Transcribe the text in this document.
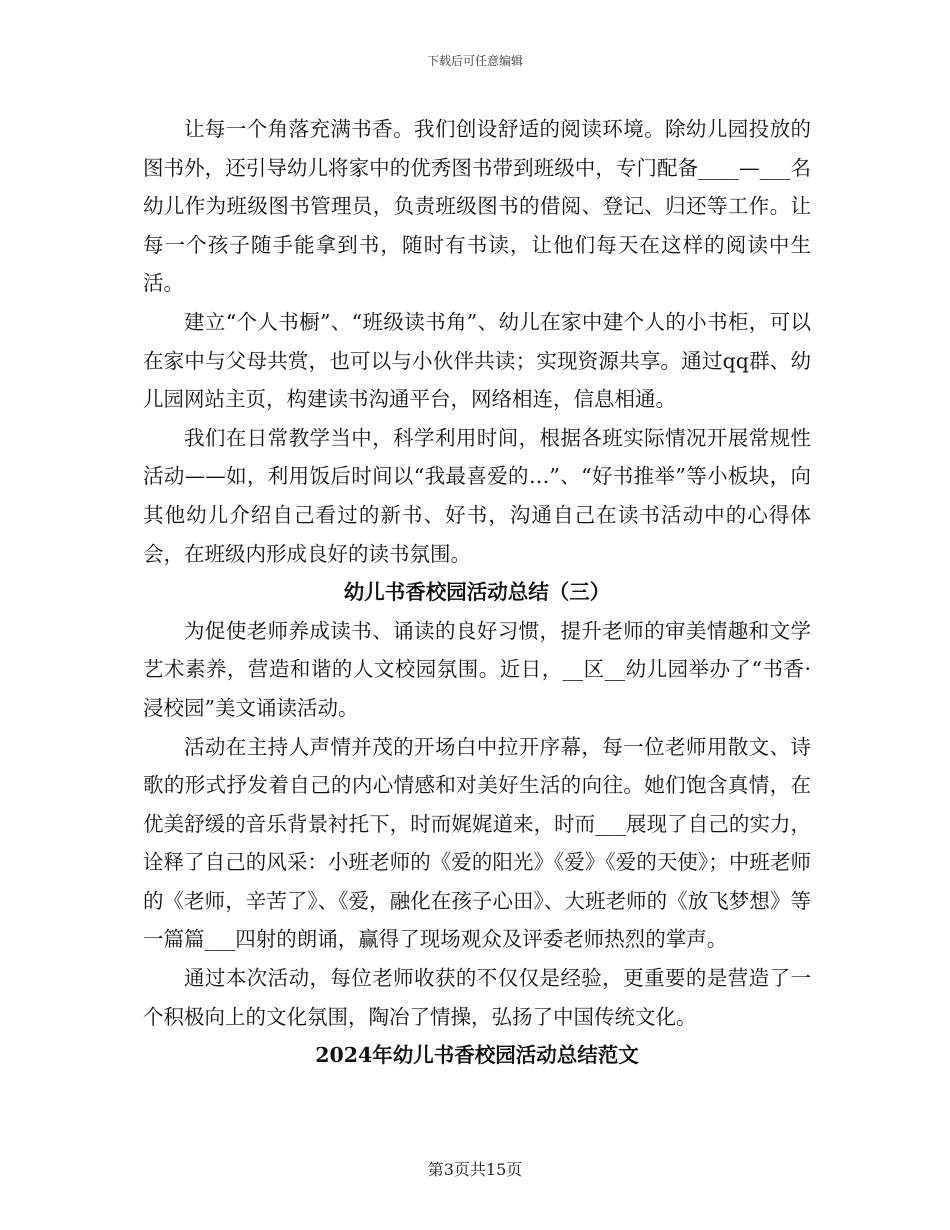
下载后可任意编辑

让每一个角落充满书香。我们创设舒适的阅读环境。除幼儿园投放的图书外，还引导幼儿将家中的优秀图书带到班级中，专门配备____—___名幼儿作为班级图书管理员，负责班级图书的借阅、登记、归还等工作。让每一个孩子随手能拿到书，随时有书读，让他们每天在这样的阅读中生活。

建立“个人书橱”、“班级读书角”、幼儿在家中建个人的小书柜，可以在家中与父母共赏，也可以与小伙伴共读；实现资源共享。通过qq群、幼儿园网站主页，构建读书沟通平台，网络相连，信息相通。

我们在日常教学当中，科学利用时间，根据各班实际情况开展常规性活动——如，利用饭后时间以“我最喜爱的…”、“好书推举”等小板块，向其他幼儿介绍自己看过的新书、好书，沟通自己在读书活动中的心得体会，在班级内形成良好的读书氛围。

幼儿书香校园活动总结（三）

为促使老师养成读书、诵读的良好习惯，提升老师的审美情趣和文学艺术素养，营造和谐的人文校园氛围。近日，__区__幼儿园举办了“书香·浸校园”美文诵读活动。

活动在主持人声情并茂的开场白中拉开序幕，每一位老师用散文、诗歌的形式抒发着自己的内心情感和对美好生活的向往。她们饱含真情，在优美舒缓的音乐背景衬托下，时而娓娓道来，时而___展现了自己的实力，诠释了自己的风采：小班老师的《爱的阳光》《爱》《爱的天使》；中班老师的《老师，辛苦了》、《爱，融化在孩子心田》、大班老师的《放飞梦想》等一篇篇___四射的朗诵，赢得了现场观众及评委老师热烈的掌声。

通过本次活动，每位老师收获的不仅仅是经验，更重要的是营造了一个积极向上的文化氛围，陶冶了情操，弘扬了中国传统文化。

2024年幼儿书香校园活动总结范文

第3页共15页
